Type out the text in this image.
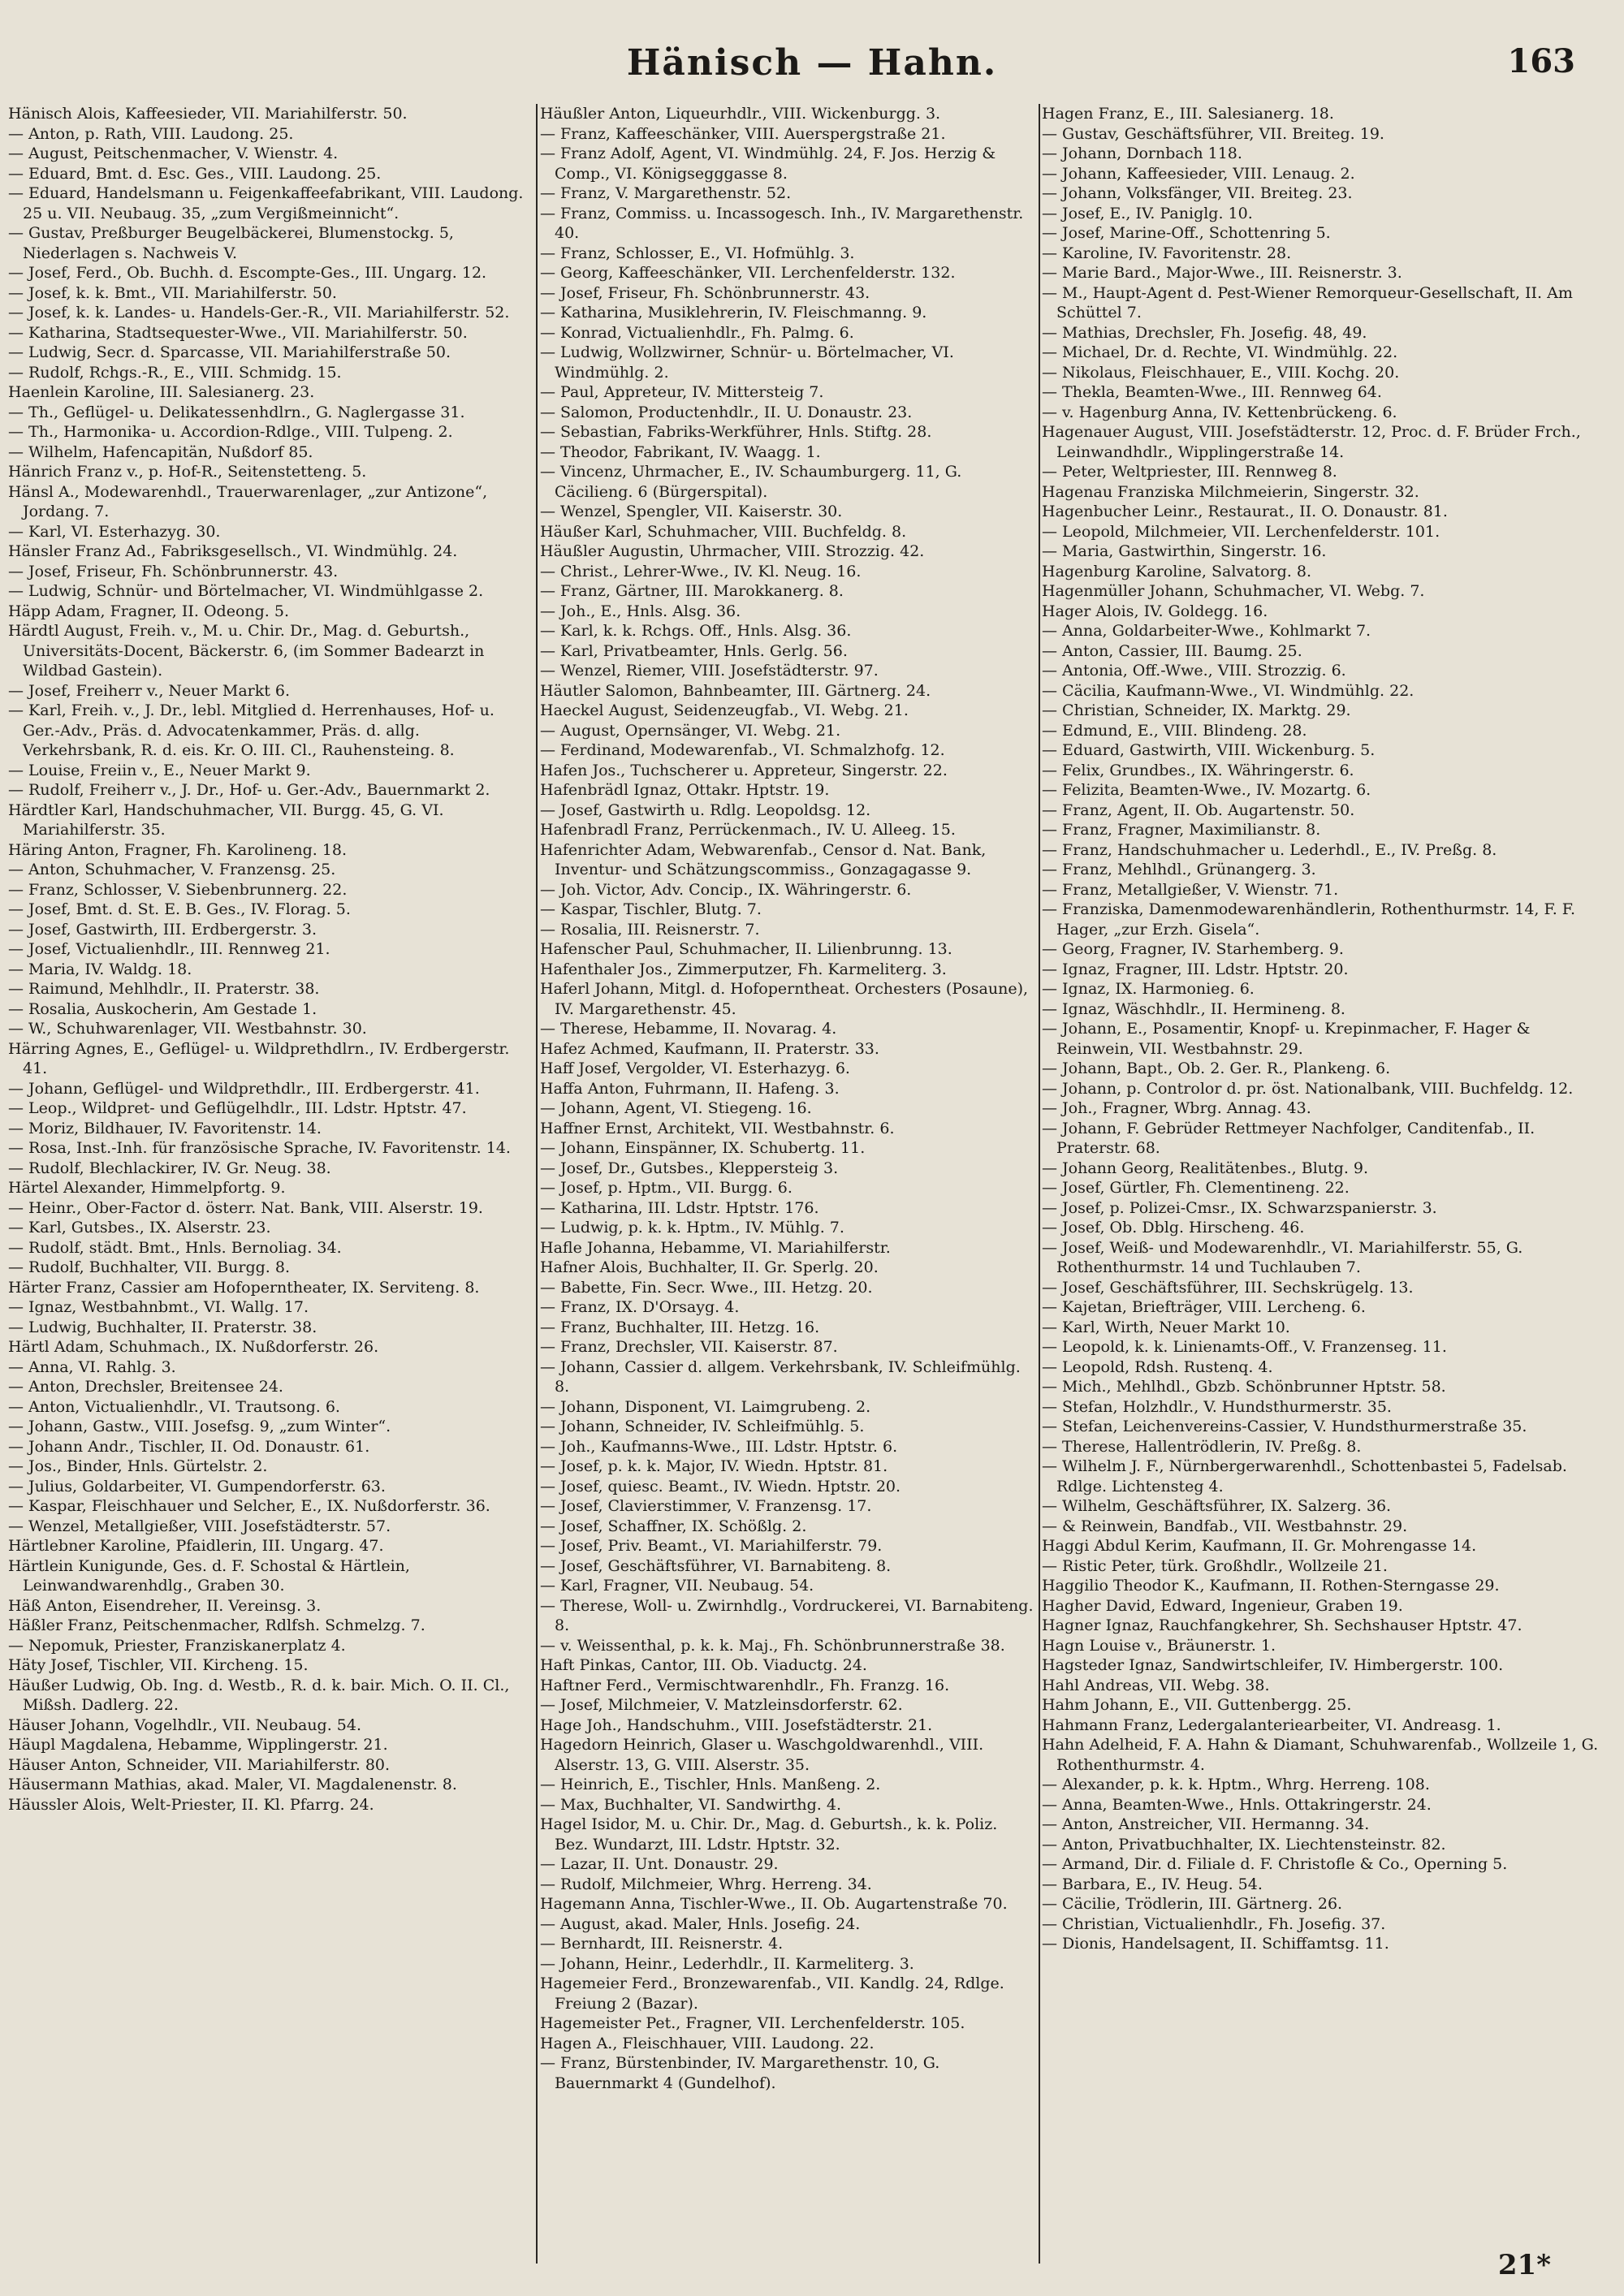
Hänisch — Hahn.	163
Hänisch Alois, Kaffeesieder, VII. Mariahilferstr. 50.
— Anton, p. Rath, VIII. Laudong. 25.
— August, Peitschenmacher, V. Wienstr. 4.
— Eduard, Bmt. d. Esc. Ges., VIII. Laudong. 25.
— Eduard, Handelsmann u. Feigenkaffeefabrikant, VIII. Laudong. 25 u. VII. Neubaug. 35, „zum Vergißmeinnicht“.
— Gustav, Preßburger Beugelbäckerei, Blumenstockg. 5, Niederlagen s. Nachweis V.
— Josef, Ferd., Ob. Buchh. d. Escompte-Ges., III. Ungarg. 12.
— Josef, k. k. Bmt., VII. Mariahilferstr. 50.
— Josef, k. k. Landes- u. Handels-Ger.-R., VII. Mariahilferstr. 52.
— Katharina, Stadtsequester-Wwe., VII. Mariahilferstr. 50.
— Ludwig, Secr. d. Sparcasse, VII. Mariahilferstraße 50.
— Rudolf, Rchgs.-R., E., VIII. Schmidg. 15.
Haenlein Karoline, III. Salesianerg. 23.
— Th., Geflügel- u. Delikatessenhdlrn., G. Naglergasse 31.
— Th., Harmonika- u. Accordion-Rdlge., VIII. Tulpeng. 2.
— Wilhelm, Hafencapitän, Nußdorf 85.
Hänrich Franz v., p. Hof-R., Seitenstetteng. 5.
Hänsl A., Modewarenhdl., Trauerwarenlager, „zur Antizone“, Jordang. 7.
— Karl, VI. Esterhazyg. 30.
Hänsler Franz Ad., Fabriksgesellsch., VI. Windmühlg. 24.
— Josef, Friseur, Fh. Schönbrunnerstr. 43.
— Ludwig, Schnür- und Börtelmacher, VI. Windmühlgasse 2.
Häpp Adam, Fragner, II. Odeong. 5.
Härdtl August, Freih. v., M. u. Chir. Dr., Mag. d. Geburtsh., Universitäts-Docent, Bäckerstr. 6, (im Sommer Badearzt in Wildbad Gastein).
— Josef, Freiherr v., Neuer Markt 6.
— Karl, Freih. v., J. Dr., lebl. Mitglied d. Herrenhauses, Hof- u. Ger.-Adv., Präs. d. Advocatenkammer, Präs. d. allg. Verkehrsbank, R. d. eis. Kr. O. III. Cl., Rauhensteing. 8.
— Louise, Freiin v., E., Neuer Markt 9.
— Rudolf, Freiherr v., J. Dr., Hof- u. Ger.-Adv., Bauernmarkt 2.
Härdtler Karl, Handschuhmacher, VII. Burgg. 45, G. VI. Mariahilferstr. 35.
Häring Anton, Fragner, Fh. Karolineng. 18.
— Anton, Schuhmacher, V. Franzensg. 25.
— Franz, Schlosser, V. Siebenbrunnerg. 22.
— Josef, Bmt. d. St. E. B. Ges., IV. Florag. 5.
— Josef, Gastwirth, III. Erdbergerstr. 3.
— Josef, Victualienhdlr., III. Rennweg 21.
— Maria, IV. Waldg. 18.
— Raimund, Mehlhdlr., II. Praterstr. 38.
— Rosalia, Auskocherin, Am Gestade 1.
— W., Schuhwarenlager, VII. Westbahnstr. 30.
Härring Agnes, E., Geflügel- u. Wildprethdlrn., IV. Erdbergerstr. 41.
— Johann, Geflügel- und Wildprethdlr., III. Erdbergerstr. 41.
— Leop., Wildpret- und Geflügelhdlr., III. Ldstr. Hptstr. 47.
— Moriz, Bildhauer, IV. Favoritenstr. 14.
— Rosa, Inst.-Inh. für französische Sprache, IV. Favoritenstr. 14.
— Rudolf, Blechlackirer, IV. Gr. Neug. 38.
Härtel Alexander, Himmelpfortg. 9.
— Heinr., Ober-Factor d. österr. Nat. Bank, VIII. Alserstr. 19.
— Karl, Gutsbes., IX. Alserstr. 23.
— Rudolf, städt. Bmt., Hnls. Bernoliag. 34.
— Rudolf, Buchhalter, VII. Burgg. 8.
Härter Franz, Cassier am Hofoperntheater, IX. Serviteng. 8.
— Ignaz, Westbahnbmt., VI. Wallg. 17.
— Ludwig, Buchhalter, II. Praterstr. 38.
Härtl Adam, Schuhmach., IX. Nußdorferstr. 26.
— Anna, VI. Rahlg. 3.
— Anton, Drechsler, Breitensee 24.
— Anton, Victualienhdlr., VI. Trautsong. 6.
— Johann, Gastw., VIII. Josefsg. 9, „zum Winter“.
— Johann Andr., Tischler, II. Od. Donaustr. 61.
— Jos., Binder, Hnls. Gürtelstr. 2.
— Julius, Goldarbeiter, VI. Gumpendorferstr. 63.
— Kaspar, Fleischhauer und Selcher, E., IX. Nußdorferstr. 36.
— Wenzel, Metallgießer, VIII. Josefstädterstr. 57.
Härtlebner Karoline, Pfaidlerin, III. Ungarg. 47.
Härtlein Kunigunde, Ges. d. F. Schostal & Härtlein, Leinwandwarenhdlg., Graben 30.
Häß Anton, Eisendreher, II. Vereinsg. 3.
Häßler Franz, Peitschenmacher, Rdlfsh. Schmelzg. 7.
— Nepomuk, Priester, Franziskanerplatz 4.
Häty Josef, Tischler, VII. Kircheng. 15.
Häußer Ludwig, Ob. Ing. d. Westb., R. d. k. bair. Mich. O. II. Cl., Mißsh. Dadlerg. 22.
Häuser Johann, Vogelhdlr., VII. Neubaug. 54.
Häupl Magdalena, Hebamme, Wipplingerstr. 21.
Häuser Anton, Schneider, VII. Mariahilferstr. 80.
Häusermann Mathias, akad. Maler, VI. Magdalenenstr. 8.
Häussler Alois, Welt-Priester, II. Kl. Pfarrg. 24.
Häußler Anton, Liqueurhdlr., VIII. Wickenburgg. 3.
— Franz, Kaffeeschänker, VIII. Auerspergstraße 21.
— Franz Adolf, Agent, VI. Windmühlg. 24, F. Jos. Herzig & Comp., VI. Königsegggasse 8.
— Franz, V. Margarethenstr. 52.
— Franz, Commiss. u. Incassogesch. Inh., IV. Margarethenstr. 40.
— Franz, Schlosser, E., VI. Hofmühlg. 3.
— Georg, Kaffeeschänker, VII. Lerchenfelderstr. 132.
— Josef, Friseur, Fh. Schönbrunnerstr. 43.
— Katharina, Musiklehrerin, IV. Fleischmanng. 9.
— Konrad, Victualienhdlr., Fh. Palmg. 6.
— Ludwig, Wollzwirner, Schnür- u. Börtelmacher, VI. Windmühlg. 2.
— Paul, Appreteur, IV. Mittersteig 7.
— Salomon, Productenhdlr., II. U. Donaustr. 23.
— Sebastian, Fabriks-Werkführer, Hnls. Stiftg. 28.
— Theodor, Fabrikant, IV. Waagg. 1.
— Vincenz, Uhrmacher, E., IV. Schaumburgerg. 11, G. Cäcilieng. 6 (Bürgerspital).
— Wenzel, Spengler, VII. Kaiserstr. 30.
Häußer Karl, Schuhmacher, VIII. Buchfeldg. 8.
Häußler Augustin, Uhrmacher, VIII. Strozzig. 42.
— Christ., Lehrer-Wwe., IV. Kl. Neug. 16.
— Franz, Gärtner, III. Marokkanerg. 8.
— Joh., E., Hnls. Alsg. 36.
— Karl, k. k. Rchgs. Off., Hnls. Alsg. 36.
— Karl, Privatbeamter, Hnls. Gerlg. 56.
— Wenzel, Riemer, VIII. Josefstädterstr. 97.
Häutler Salomon, Bahnbeamter, III. Gärtnerg. 24.
Haeckel August, Seidenzeugfab., VI. Webg. 21.
— August, Opernsänger, VI. Webg. 21.
— Ferdinand, Modewarenfab., VI. Schmalzhofg. 12.
Hafen Jos., Tuchscherer u. Appreteur, Singerstr. 22.
Hafenbrädl Ignaz, Ottakr. Hptstr. 19.
— Josef, Gastwirth u. Rdlg. Leopoldsg. 12.
Hafenbradl Franz, Perrückenmach., IV. U. Alleeg. 15.
Hafenrichter Adam, Webwarenfab., Censor d. Nat. Bank, Inventur- und Schätzungscommiss., Gonzagagasse 9.
— Joh. Victor, Adv. Concip., IX. Währingerstr. 6.
— Kaspar, Tischler, Blutg. 7.
— Rosalia, III. Reisnerstr. 7.
Hafenscher Paul, Schuhmacher, II. Lilienbrunng. 13.
Hafenthaler Jos., Zimmerputzer, Fh. Karmeliterg. 3.
Haferl Johann, Mitgl. d. Hofoperntheat. Orchesters (Posaune), IV. Margarethenstr. 45.
— Therese, Hebamme, II. Novarag. 4.
Hafez Achmed, Kaufmann, II. Praterstr. 33.
Haff Josef, Vergolder, VI. Esterhazyg. 6.
Haffa Anton, Fuhrmann, II. Hafeng. 3.
— Johann, Agent, VI. Stiegeng. 16.
Haffner Ernst, Architekt, VII. Westbahnstr. 6.
— Johann, Einspänner, IX. Schubertg. 11.
— Josef, Dr., Gutsbes., Kleppersteig 3.
— Josef, p. Hptm., VII. Burgg. 6.
— Katharina, III. Ldstr. Hptstr. 176.
— Ludwig, p. k. k. Hptm., IV. Mühlg. 7.
Hafle Johanna, Hebamme, VI. Mariahilferstr.
Hafner Alois, Buchhalter, II. Gr. Sperlg. 20.
— Babette, Fin. Secr. Wwe., III. Hetzg. 20.
— Franz, IX. D'Orsayg. 4.
— Franz, Buchhalter, III. Hetzg. 16.
— Franz, Drechsler, VII. Kaiserstr. 87.
— Johann, Cassier d. allgem. Verkehrsbank, IV. Schleifmühlg. 8.
— Johann, Disponent, VI. Laimgrubeng. 2.
— Johann, Schneider, IV. Schleifmühlg. 5.
— Joh., Kaufmanns-Wwe., III. Ldstr. Hptstr. 6.
— Josef, p. k. k. Major, IV. Wiedn. Hptstr. 81.
— Josef, quiesc. Beamt., IV. Wiedn. Hptstr. 20.
— Josef, Clavierstimmer, V. Franzensg. 17.
— Josef, Schaffner, IX. Schößlg. 2.
— Josef, Priv. Beamt., VI. Mariahilferstr. 79.
— Josef, Geschäftsführer, VI. Barnabiteng. 8.
— Karl, Fragner, VII. Neubaug. 54.
— Therese, Woll- u. Zwirnhdlg., Vordruckerei, VI. Barnabiteng. 8.
— v. Weissenthal, p. k. k. Maj., Fh. Schönbrunnerstraße 38.
Haft Pinkas, Cantor, III. Ob. Viaductg. 24.
Haftner Ferd., Vermischtwarenhdlr., Fh. Franzg. 16.
— Josef, Milchmeier, V. Matzleinsdorferstr. 62.
Hage Joh., Handschuhm., VIII. Josefstädterstr. 21.
Hagedorn Heinrich, Glaser u. Waschgoldwarenhdl., VIII. Alserstr. 13, G. VIII. Alserstr. 35.
— Heinrich, E., Tischler, Hnls. Manßeng. 2.
— Max, Buchhalter, VI. Sandwirthg. 4.
Hagel Isidor, M. u. Chir. Dr., Mag. d. Geburtsh., k. k. Poliz. Bez. Wundarzt, III. Ldstr. Hptstr. 32.
— Lazar, II. Unt. Donaustr. 29.
— Rudolf, Milchmeier, Whrg. Herreng. 34.
Hagemann Anna, Tischler-Wwe., II. Ob. Augartenstraße 70.
— August, akad. Maler, Hnls. Josefig. 24.
— Bernhardt, III. Reisnerstr. 4.
— Johann, Heinr., Lederhdlr., II. Karmeliterg. 3.
Hagemeier Ferd., Bronzewarenfab., VII. Kandlg. 24, Rdlge. Freiung 2 (Bazar).
Hagemeister Pet., Fragner, VII. Lerchenfelderstr. 105.
Hagen A., Fleischhauer, VIII. Laudong. 22.
— Franz, Bürstenbinder, IV. Margarethenstr. 10, G. Bauernmarkt 4 (Gundelhof).
Hagen Franz, E., III. Salesianerg. 18.
— Gustav, Geschäftsführer, VII. Breiteg. 19.
— Johann, Dornbach 118.
— Johann, Kaffeesieder, VIII. Lenaug. 2.
— Johann, Volksfänger, VII. Breiteg. 23.
— Josef, E., IV. Paniglg. 10.
— Josef, Marine-Off., Schottenring 5.
— Karoline, IV. Favoritenstr. 28.
— Marie Bard., Major-Wwe., III. Reisnerstr. 3.
— M., Haupt-Agent d. Pest-Wiener Remorqueur-Gesellschaft, II. Am Schüttel 7.
— Mathias, Drechsler, Fh. Josefig. 48, 49.
— Michael, Dr. d. Rechte, VI. Windmühlg. 22.
— Nikolaus, Fleischhauer, E., VIII. Kochg. 20.
— Thekla, Beamten-Wwe., III. Rennweg 64.
— v. Hagenburg Anna, IV. Kettenbrückeng. 6.
Hagenauer August, VIII. Josefstädterstr. 12, Proc. d. F. Brüder Frch., Leinwandhdlr., Wipplingerstraße 14.
— Peter, Weltpriester, III. Rennweg 8.
Hagenau Franziska Milchmeierin, Singerstr. 32.
Hagenbucher Leinr., Restaurat., II. O. Donaustr. 81.
— Leopold, Milchmeier, VII. Lerchenfelderstr. 101.
— Maria, Gastwirthin, Singerstr. 16.
Hagenburg Karoline, Salvatorg. 8.
Hagenmüller Johann, Schuhmacher, VI. Webg. 7.
Hager Alois, IV. Goldegg. 16.
— Anna, Goldarbeiter-Wwe., Kohlmarkt 7.
— Anton, Cassier, III. Baumg. 25.
— Antonia, Off.-Wwe., VIII. Strozzig. 6.
— Cäcilia, Kaufmann-Wwe., VI. Windmühlg. 22.
— Christian, Schneider, IX. Marktg. 29.
— Edmund, E., VIII. Blindeng. 28.
— Eduard, Gastwirth, VIII. Wickenburg. 5.
— Felix, Grundbes., IX. Währingerstr. 6.
— Felizita, Beamten-Wwe., IV. Mozartg. 6.
— Franz, Agent, II. Ob. Augartenstr. 50.
— Franz, Fragner, Maximilianstr. 8.
— Franz, Handschuhmacher u. Lederhdl., E., IV. Preßg. 8.
— Franz, Mehlhdl., Grünangerg. 3.
— Franz, Metallgießer, V. Wienstr. 71.
— Franziska, Damenmodewarenhändlerin, Rothenthurmstr. 14, F. F. Hager, „zur Erzh. Gisela“.
— Georg, Fragner, IV. Starhemberg. 9.
— Ignaz, Fragner, III. Ldstr. Hptstr. 20.
— Ignaz, IX. Harmonieg. 6.
— Ignaz, Wäschhdlr., II. Hermineng. 8.
— Johann, E., Posamentir, Knopf- u. Krepinmacher, F. Hager & Reinwein, VII. Westbahnstr. 29.
— Johann, Bapt., Ob. 2. Ger. R., Plankeng. 6.
— Johann, p. Controlor d. pr. öst. Nationalbank, VIII. Buchfeldg. 12.
— Joh., Fragner, Wbrg. Annag. 43.
— Johann, F. Gebrüder Rettmeyer Nachfolger, Canditenfab., II. Praterstr. 68.
— Johann Georg, Realitätenbes., Blutg. 9.
— Josef, Gürtler, Fh. Clementineng. 22.
— Josef, p. Polizei-Cmsr., IX. Schwarzspanierstr. 3.
— Josef, Ob. Dblg. Hirscheng. 46.
— Josef, Weiß- und Modewarenhdlr., VI. Mariahilferstr. 55, G. Rothenthurmstr. 14 und Tuchlauben 7.
— Josef, Geschäftsführer, III. Sechskrügelg. 13.
— Kajetan, Briefträger, VIII. Lercheng. 6.
— Karl, Wirth, Neuer Markt 10.
— Leopold, k. k. Linienamts-Off., V. Franzenseg. 11.
— Leopold, Rdsh. Rustenq. 4.
— Mich., Mehlhdl., Gbzb. Schönbrunner Hptstr. 58.
— Stefan, Holzhdlr., V. Hundsthurmerstr. 35.
— Stefan, Leichenvereins-Cassier, V. Hundsthurmerstraße 35.
— Therese, Hallentrödlerin, IV. Preßg. 8.
— Wilhelm J. F., Nürnbergerwarenhdl., Schottenbastei 5, Fadelsab. Rdlge. Lichtensteg 4.
— Wilhelm, Geschäftsführer, IX. Salzerg. 36.
— & Reinwein, Bandfab., VII. Westbahnstr. 29.
Haggi Abdul Kerim, Kaufmann, II. Gr. Mohrengasse 14.
— Ristic Peter, türk. Großhdlr., Wollzeile 21.
Haggilio Theodor K., Kaufmann, II. Rothen-Sterngasse 29.
Hagher David, Edward, Ingenieur, Graben 19.
Hagner Ignaz, Rauchfangkehrer, Sh. Sechshauser Hptstr. 47.
Hagn Louise v., Bräunerstr. 1.
Hagsteder Ignaz, Sandwirtschleifer, IV. Himbergerstr. 100.
Hahl Andreas, VII. Webg. 38.
Hahm Johann, E., VII. Guttenbergg. 25.
Hahmann Franz, Ledergalanteriearbeiter, VI. Andreasg. 1.
Hahn Adelheid, F. A. Hahn & Diamant, Schuhwarenfab., Wollzeile 1, G. Rothenthurmstr. 4.
— Alexander, p. k. k. Hptm., Whrg. Herreng. 108.
— Anna, Beamten-Wwe., Hnls. Ottakringerstr. 24.
— Anton, Anstreicher, VII. Hermanng. 34.
— Anton, Privatbuchhalter, IX. Liechtensteinstr. 82.
— Armand, Dir. d. Filiale d. F. Christofle & Co., Operning 5.
— Barbara, E., IV. Heug. 54.
— Cäcilie, Trödlerin, III. Gärtnerg. 26.
— Christian, Victualienhdlr., Fh. Josefig. 37.
— Dionis, Handelsagent, II. Schiffamtsg. 11.
21*
